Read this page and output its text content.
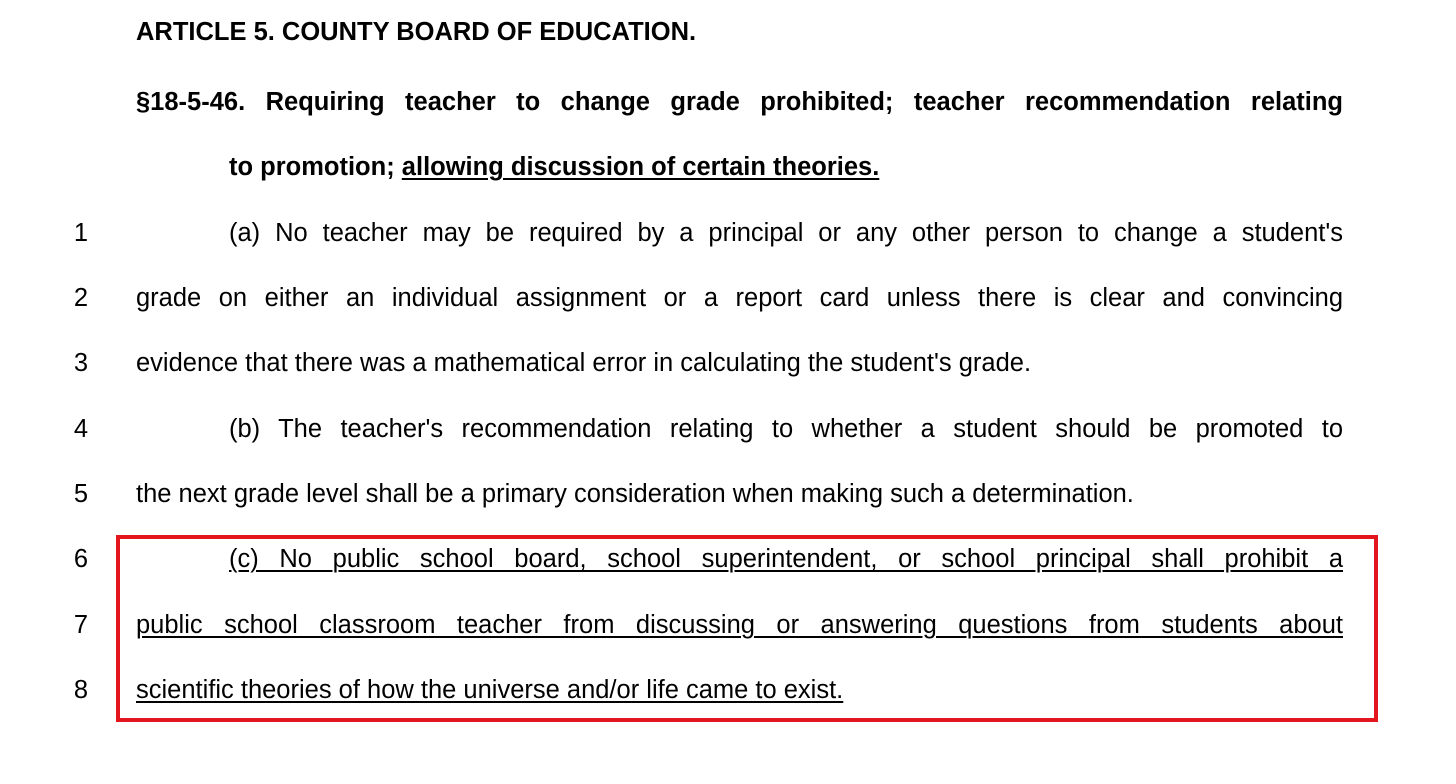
ARTICLE 5. COUNTY BOARD OF EDUCATION.
§18-5-46. Requiring teacher to change grade prohibited; teacher recommendation relating
to promotion; allowing discussion of certain theories.
1
2
3
4
5
6
7
8
(a) No teacher may be required by a principal or any other person to change a student's
grade on either an individual assignment or a report card unless there is clear and convincing
evidence that there was a mathematical error in calculating the student's grade.
(b) The teacher's recommendation relating to whether a student should be promoted to
the next grade level shall be a primary consideration when making such a determination.
(c) No public school board, school superintendent, or school principal shall prohibit a
public school classroom teacher from discussing or answering questions from students about
scientific theories of how the universe and/or life came to exist.
